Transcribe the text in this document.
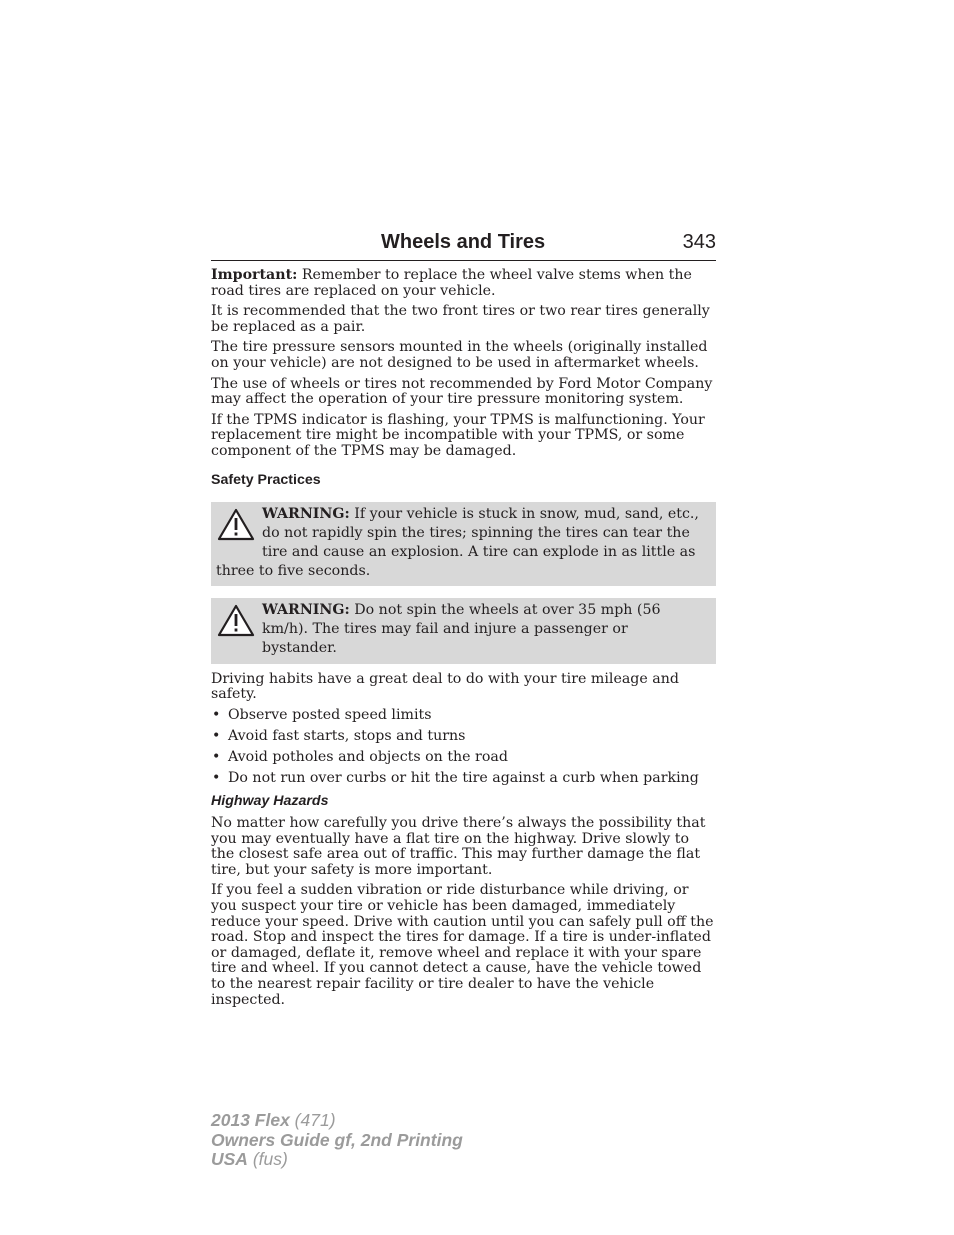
Wheels and Tires	343

Important: Remember to replace the wheel valve stems when the road tires are replaced on your vehicle.

It is recommended that the two front tires or two rear tires generally be replaced as a pair.

The tire pressure sensors mounted in the wheels (originally installed on your vehicle) are not designed to be used in aftermarket wheels.

The use of wheels or tires not recommended by Ford Motor Company may affect the operation of your tire pressure monitoring system.

If the TPMS indicator is flashing, your TPMS is malfunctioning. Your replacement tire might be incompatible with your TPMS, or some component of the TPMS may be damaged.

Safety Practices
WARNING: If your vehicle is stuck in snow, mud, sand, etc., do not rapidly spin the tires; spinning the tires can tear the tire and cause an explosion. A tire can explode in as little as three to five seconds.
WARNING: Do not spin the wheels at over 35 mph (56 km/h). The tires may fail and injure a passenger or bystander.

Driving habits have a great deal to do with your tire mileage and safety.

• Observe posted speed limits
• Avoid fast starts, stops and turns
• Avoid potholes and objects on the road
• Do not run over curbs or hit the tire against a curb when parking
Highway Hazards

No matter how carefully you drive there’s always the possibility that you may eventually have a flat tire on the highway. Drive slowly to the closest safe area out of traffic. This may further damage the flat tire, but your safety is more important.

If you feel a sudden vibration or ride disturbance while driving, or you suspect your tire or vehicle has been damaged, immediately reduce your speed. Drive with caution until you can safely pull off the road. Stop and inspect the tires for damage. If a tire is under-inflated or damaged, deflate it, remove wheel and replace it with your spare tire and wheel. If you cannot detect a cause, have the vehicle towed to the nearest repair facility or tire dealer to have the vehicle inspected.

2013 Flex (471)
Owners Guide gf, 2nd Printing
USA (fus)
